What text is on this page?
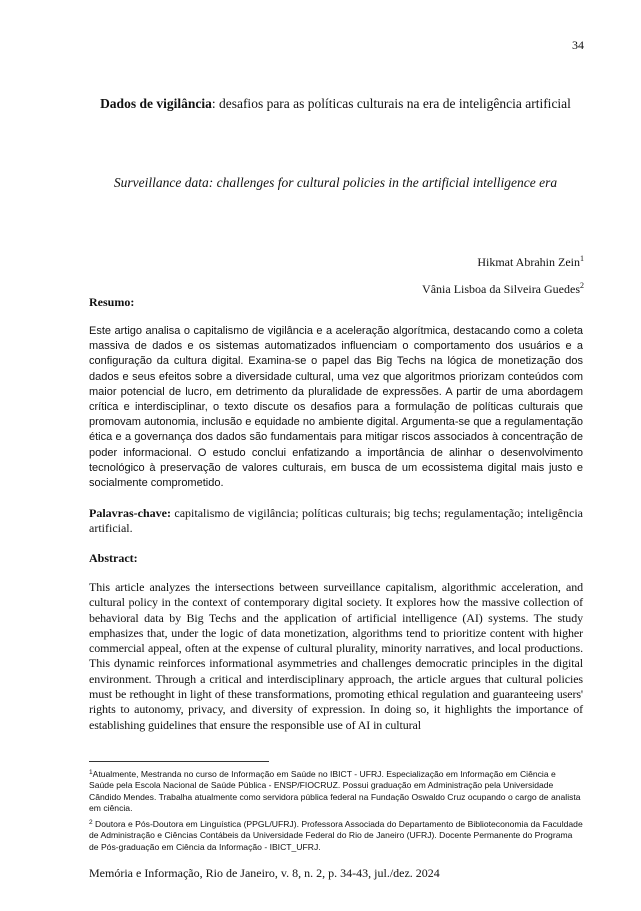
34
Dados de vigilância: desafios para as políticas culturais na era de inteligência artificial
Surveillance data: challenges for cultural policies in the artificial intelligence era
Hikmat Abrahin Zein$^1$
Vânia Lisboa da Silveira Guedes$^2$
Resumo:
Este artigo analisa o capitalismo de vigilância e a aceleração algorítmica, destacando como a coleta massiva de dados e os sistemas automatizados influenciam o comportamento dos usuários e a configuração da cultura digital. Examina-se o papel das Big Techs na lógica de monetização dos dados e seus efeitos sobre a diversidade cultural, uma vez que algoritmos priorizam conteúdos com maior potencial de lucro, em detrimento da pluralidade de expressões. A partir de uma abordagem crítica e interdisciplinar, o texto discute os desafios para a formulação de políticas culturais que promovam autonomia, inclusão e equidade no ambiente digital. Argumenta-se que a regulamentação ética e a governança dos dados são fundamentais para mitigar riscos associados à concentração de poder informacional. O estudo conclui enfatizando a importância de alinhar o desenvolvimento tecnológico à preservação de valores culturais, em busca de um ecossistema digital mais justo e socialmente comprometido.
Palavras-chave: capitalismo de vigilância; políticas culturais; big techs; regulamentação; inteligência artificial.
Abstract:
This article analyzes the intersections between surveillance capitalism, algorithmic acceleration, and cultural policy in the context of contemporary digital society. It explores how the massive collection of behavioral data by Big Techs and the application of artificial intelligence (AI) systems. The study emphasizes that, under the logic of data monetization, algorithms tend to prioritize content with higher commercial appeal, often at the expense of cultural plurality, minority narratives, and local productions. This dynamic reinforces informational asymmetries and challenges democratic principles in the digital environment. Through a critical and interdisciplinary approach, the article argues that cultural policies must be rethought in light of these transformations, promoting ethical regulation and guaranteeing users' rights to autonomy, privacy, and diversity of expression. In doing so, it highlights the importance of establishing guidelines that ensure the responsible use of AI in cultural
$^1$Atualmente, Mestranda no curso de Informação em Saúde no IBICT - UFRJ. Especialização em Informação em Ciência e Saúde pela Escola Nacional de Saúde Pública - ENSP/FIOCRUZ. Possui graduação em Administração pela Universidade Cândido Mendes. Trabalha atualmente como servidora pública federal na Fundação Oswaldo Cruz ocupando o cargo de analista em ciência.
$^2$ Doutora e Pós-Doutora em Linguística (PPGL/UFRJ). Professora Associada do Departamento de Biblioteconomia da Faculdade de Administração e Ciências Contábeis da Universidade Federal do Rio de Janeiro (UFRJ). Docente Permanente do Programa de Pós-graduação em Ciência da Informação - IBICT_UFRJ.
Memória e Informação, Rio de Janeiro, v. 8, n. 2, p. 34-43, jul./dez. 2024
